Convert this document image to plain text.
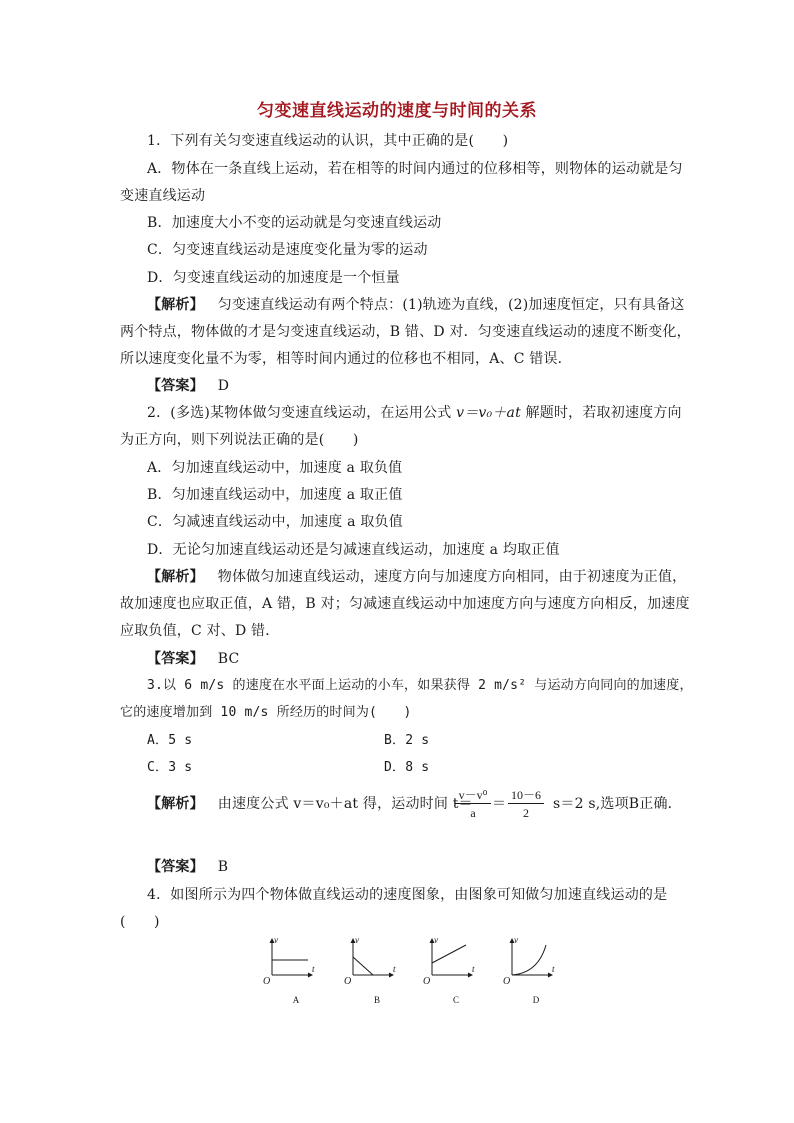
匀变速直线运动的速度与时间的关系
1．下列有关匀变速直线运动的认识，其中正确的是(　　)
A．物体在一条直线上运动，若在相等的时间内通过的位移相等，则物体的运动就是匀
变速直线运动
B．加速度大小不变的运动就是匀变速直线运动
C．匀变速直线运动是速度变化量为零的运动
D．匀变速直线运动的加速度是一个恒量
【解析】 匀变速直线运动有两个特点：(1)轨迹为直线，(2)加速度恒定，只有具备这
两个特点，物体做的才是匀变速直线运动，B 错、D 对．匀变速直线运动的速度不断变化，
所以速度变化量不为零，相等时间内通过的位移也不相同，A、C 错误．
【答案】 D
2．(多选)某物体做匀变速直线运动，在运用公式 v＝v₀＋at 解题时，若取初速度方向
为正方向，则下列说法正确的是(　　)
A．匀加速直线运动中，加速度 a 取负值
B．匀加速直线运动中，加速度 a 取正值
C．匀减速直线运动中，加速度 a 取负值
D．无论匀加速直线运动还是匀减速直线运动，加速度 a 均取正值
【解析】 物体做匀加速直线运动，速度方向与加速度方向相同，由于初速度为正值，
故加速度也应取正值，A 错，B 对；匀减速直线运动中加速度方向与速度方向相反，加速度
应取负值，C 对、D 错．
【答案】 BC
3.以 6 m/s 的速度在水平面上运动的小车，如果获得 2 m/s² 与运动方向同向的加速度，
它的速度增加到 10 m/s 所经历的时间为(　　)
A．5 s	B．2 s
C．3 s	D．8 s
【解析】 由速度公式 v＝v₀＋at 得，运动时间 t＝
v－v⁰
a
＝
10－6
2
s＝2 s,选项B正确．
【答案】 B
4．如图所示为四个物体做直线运动的速度图象，由图象可知做匀加速直线运动的是
(　　)
v
t
O
A
v
t
O
B
v
t
O
C
v
t
O
D
